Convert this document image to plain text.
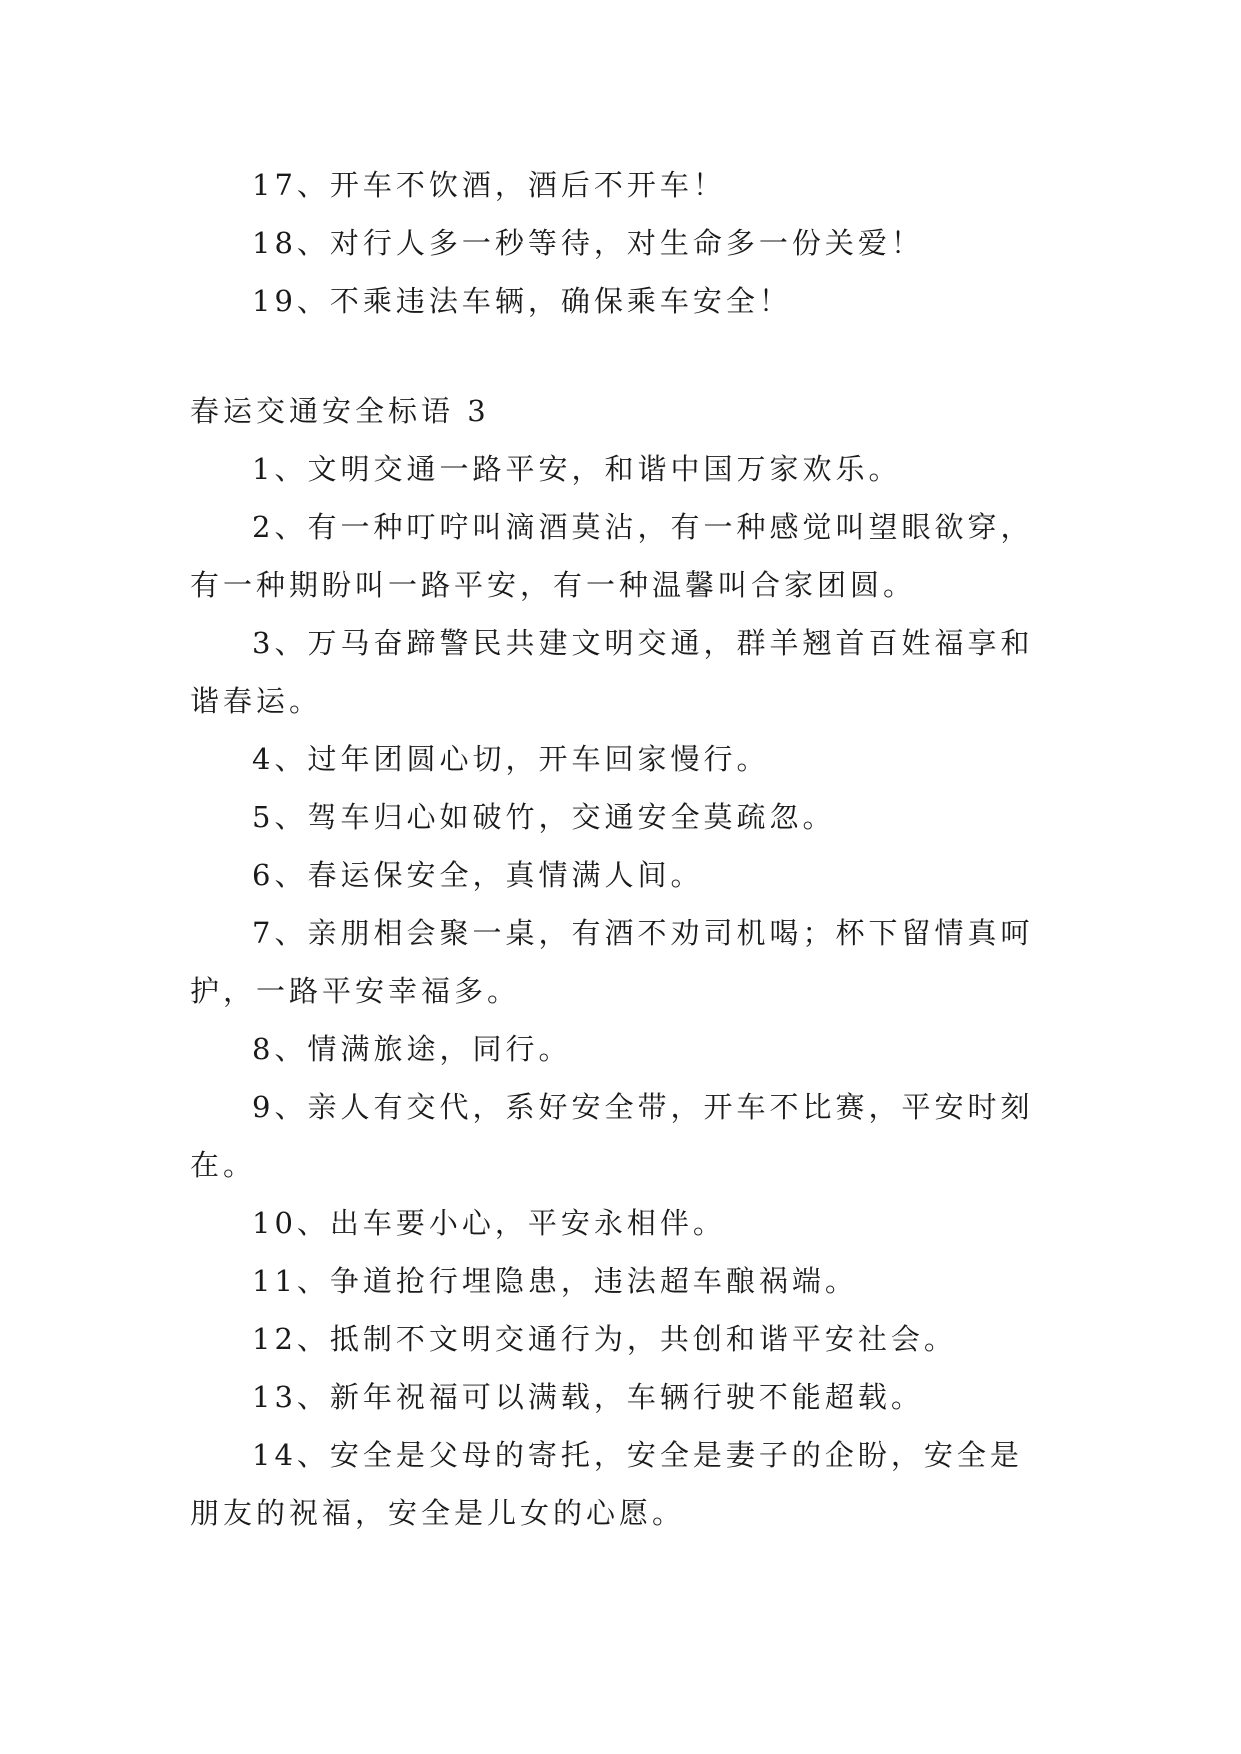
17、开车不饮酒，酒后不开车！

18、对行人多一秒等待，对生命多一份关爱！

19、不乘违法车辆，确保乘车安全！

春运交通安全标语 3

1、文明交通一路平安，和谐中国万家欢乐。

2、有一种叮咛叫滴酒莫沾，有一种感觉叫望眼欲穿，有一种期盼叫一路平安，有一种温馨叫合家团圆。

3、万马奋蹄警民共建文明交通，群羊翘首百姓福享和谐春运。

4、过年团圆心切，开车回家慢行。

5、驾车归心如破竹，交通安全莫疏忽。

6、春运保安全，真情满人间。

7、亲朋相会聚一桌，有酒不劝司机喝；杯下留情真呵护，一路平安幸福多。

8、情满旅途，同行。

9、亲人有交代，系好安全带，开车不比赛，平安时刻在。

10、出车要小心，平安永相伴。

11、争道抢行埋隐患，违法超车酿祸端。

12、抵制不文明交通行为，共创和谐平安社会。

13、新年祝福可以满载，车辆行驶不能超载。

14、安全是父母的寄托，安全是妻子的企盼，安全是朋友的祝福，安全是儿女的心愿。
